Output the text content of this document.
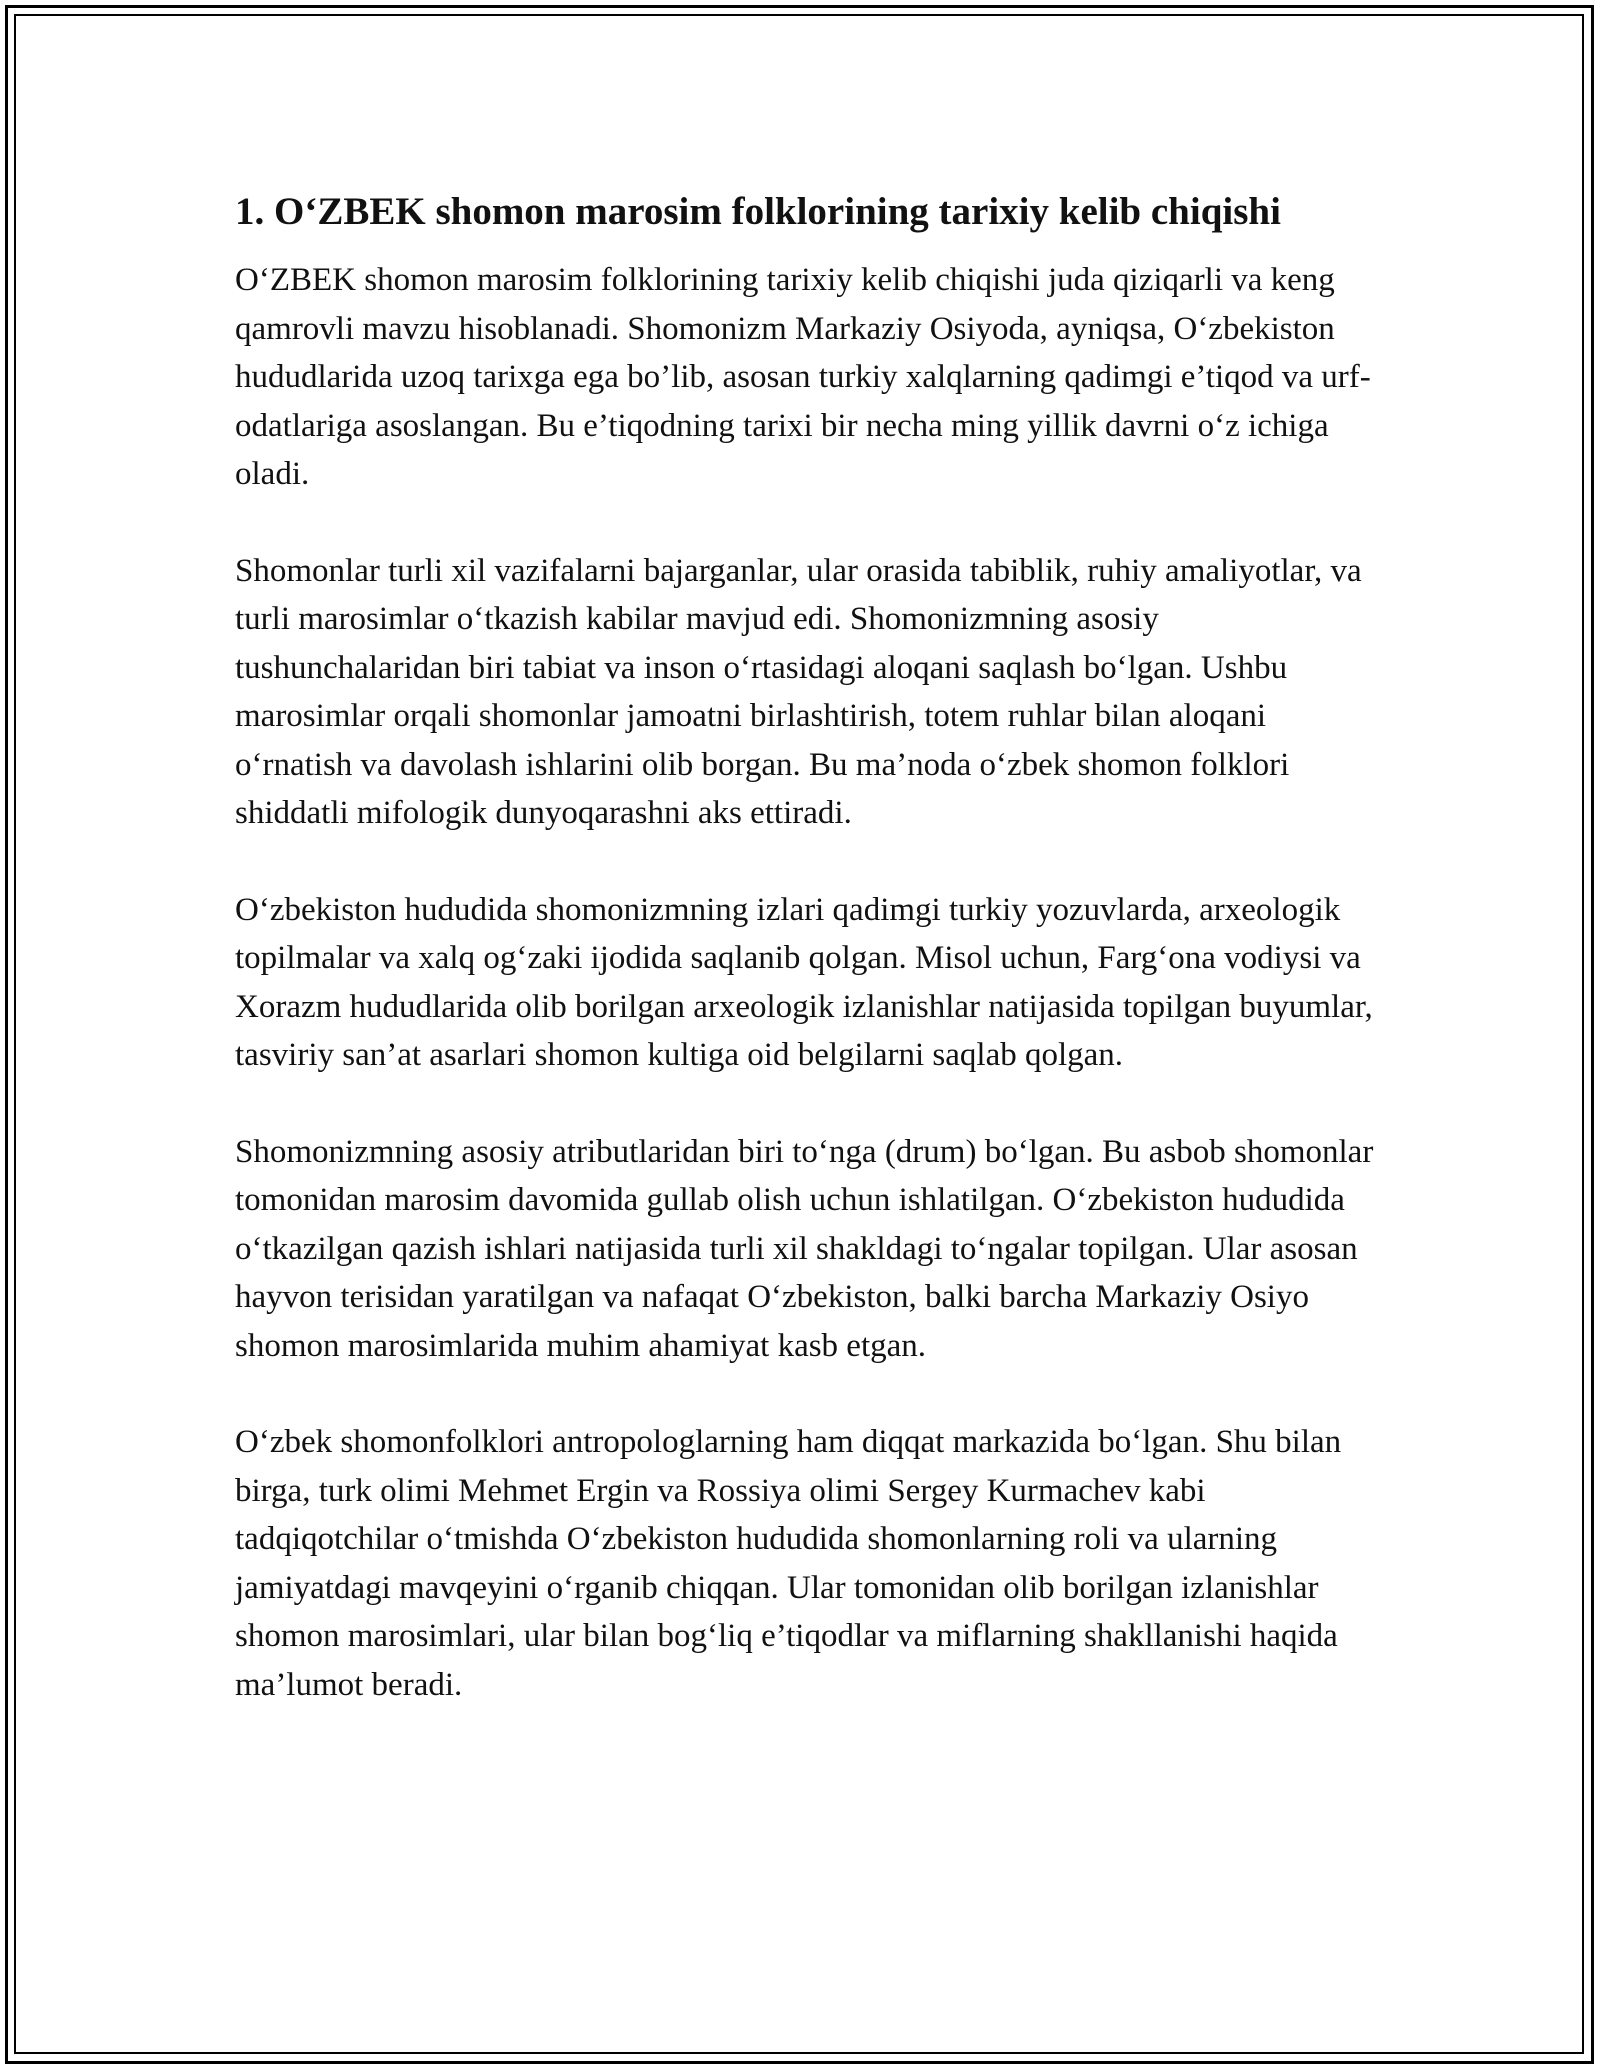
1. O‘ZBEK shomon marosim folklorining tarixiy kelib chiqishi

O‘ZBEK shomon marosim folklorining tarixiy kelib chiqishi juda qiziqarli va keng qamrovli mavzu hisoblanadi. Shomonizm Markaziy Osiyoda, ayniqsa, O‘zbekiston hududlarida uzoq tarixga ega bo’lib, asosan turkiy xalqlarning qadimgi e’tiqod va urf-odatlariga asoslangan. Bu e’tiqodning tarixi bir necha ming yillik davrni o‘z ichiga oladi.

Shomonlar turli xil vazifalarni bajarganlar, ular orasida tabiblik, ruhiy amaliyotlar, va turli marosimlar o‘tkazish kabilar mavjud edi. Shomonizmning asosiy tushunchalaridan biri tabiat va inson o‘rtasidagi aloqani saqlash bo‘lgan. Ushbu marosimlar orqali shomonlar jamoatni birlashtirish, totem ruhlar bilan aloqani o‘rnatish va davolash ishlarini olib borgan. Bu ma’noda o‘zbek shomon folklori shiddatli mifologik dunyoqarashni aks ettiradi.

O‘zbekiston hududida shomonizmning izlari qadimgi turkiy yozuvlarda, arxeologik topilmalar va xalq og‘zaki ijodida saqlanib qolgan. Misol uchun, Farg‘ona vodiysi va Xorazm hududlarida olib borilgan arxeologik izlanishlar natijasida topilgan buyumlar, tasviriy san’at asarlari shomon kultiga oid belgilarni saqlab qolgan.

Shomonizmning asosiy atributlaridan biri to‘nga (drum) bo‘lgan. Bu asbob shomonlar tomonidan marosim davomida gullab olish uchun ishlatilgan. O‘zbekiston hududida o‘tkazilgan qazish ishlari natijasida turli xil shakldagi to‘ngalar topilgan. Ular asosan hayvon terisidan yaratilgan va nafaqat O‘zbekiston, balki barcha Markaziy Osiyo shomon marosimlarida muhim ahamiyat kasb etgan.

O‘zbek shomonfolklori antropologlarning ham diqqat markazida bo‘lgan. Shu bilan birga, turk olimi Mehmet Ergin va Rossiya olimi Sergey Kurmachev kabi tadqiqotchilar o‘tmishda O‘zbekiston hududida shomonlarning roli va ularning jamiyatdagi mavqeyini o‘rganib chiqqan. Ular tomonidan olib borilgan izlanishlar shomon marosimlari, ular bilan bog‘liq e’tiqodlar va miflarning shakllanishi haqida ma’lumot beradi.
